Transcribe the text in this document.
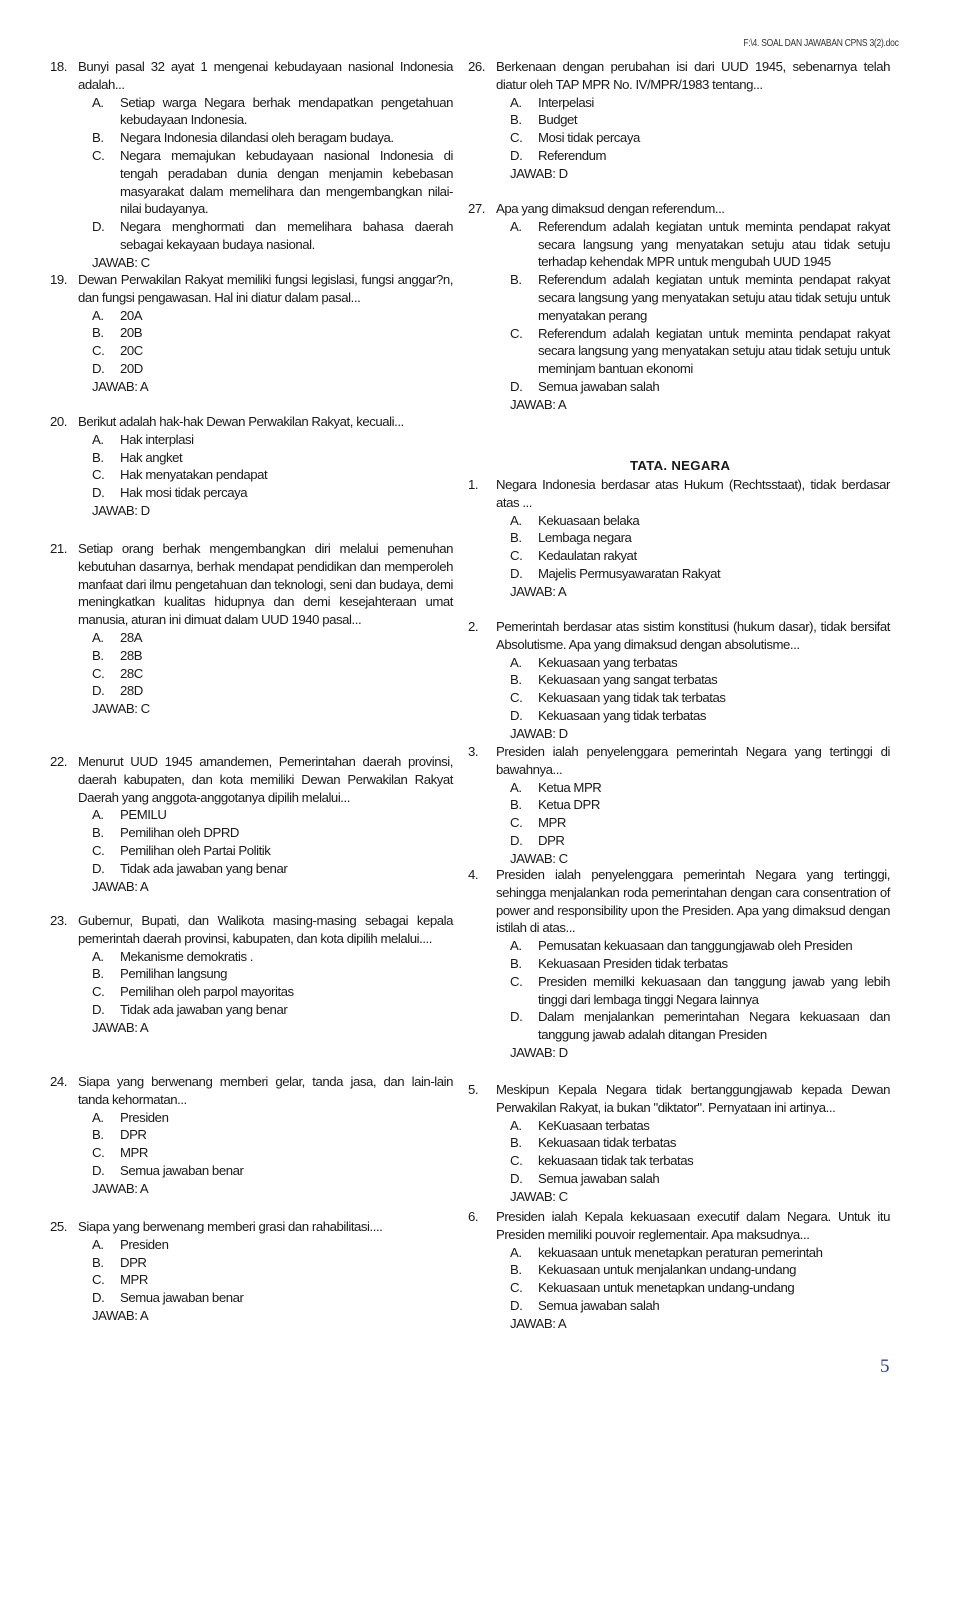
F:\4. SOAL DAN JAWABAN CPNS 3(2).doc
TATA. NEGARA
5
18. Bunyi pasal 32 ayat 1 mengenai kebudayaan nasional Indonesia adalah...
A.	Setiap warga Negara berhak mendapatkan pengetahuan kebudayaan Indonesia.
B.	Negara Indonesia dilandasi oleh beragam budaya.
C.	Negara memajukan kebudayaan nasional Indonesia di tengah peradaban dunia dengan menjamin kebebasan masyarakat dalam memelihara dan mengembangkan nilai-nilai budayanya.
D.	Negara menghormati dan memelihara bahasa daerah sebagai kekayaan budaya nasional.
JAWAB: C
19. Dewan Perwakilan Rakyat memiliki fungsi legislasi, fungsi anggar?n, dan fungsi pengawasan. Hal ini diatur dalam pasal...
A.	20A
B.	20B
C.	20C
D.	20D
JAWAB: A
20. Berikut adalah hak-hak Dewan Perwakilan Rakyat, kecuali...
A.	Hak interplasi
B.	Hak angket
C.	Hak menyatakan pendapat
D.	Hak mosi tidak percaya
JAWAB: D
21. Setiap orang berhak mengembangkan diri melalui pemenuhan kebutuhan dasarnya, berhak mendapat pendidikan dan memperoleh manfaat dari ilmu pengetahuan dan teknologi, seni dan budaya, demi meningkatkan kualitas hidupnya dan demi kesejahteraan umat manusia, aturan ini dimuat dalam UUD 1940 pasal...
A.	28A
B.	28B
C.	28C
D.	28D
JAWAB: C
22. Menurut UUD 1945 amandemen, Pemerintahan daerah provinsi, daerah kabupaten, dan kota memiliki Dewan Perwakilan Rakyat Daerah yang anggota-anggotanya dipilih melalui...
A.	PEMILU
B.	Pemilihan oleh DPRD
C.	Pemilihan oleh Partai Politik
D.	Tidak ada jawaban yang benar
JAWAB: A
23. Gubernur, Bupati, dan Walikota masing-masing sebagai kepala pemerintah daerah provinsi, kabupaten, dan kota dipilih melalui....
A.	Mekanisme demokratis .
B.	Pemilihan langsung
C.	Pemilihan oleh parpol mayoritas
D.	Tidak ada jawaban yang benar
JAWAB: A
24. Siapa yang berwenang memberi gelar, tanda jasa, dan lain-lain tanda kehormatan...
A.	Presiden
B.	DPR
C.	MPR
D.	Semua jawaban benar
JAWAB: A
25. Siapa yang berwenang memberi grasi dan rahabilitasi....
A.	Presiden
B.	DPR
C.	MPR
D.	Semua jawaban benar
JAWAB: A
26. Berkenaan dengan perubahan isi dari UUD 1945, sebenarnya telah diatur oleh TAP MPR No. IV/MPR/1983 tentang...
A.	Interpelasi
B.	Budget
C.	Mosi tidak percaya
D.	Referendum
JAWAB: D
27. Apa yang dimaksud dengan referendum...
A.	Referendum adalah kegiatan untuk meminta pendapat rakyat secara langsung yang menyatakan setuju atau tidak setuju terhadap kehendak MPR untuk mengubah UUD 1945
B.	Referendum adalah kegiatan untuk meminta pendapat rakyat secara langsung yang menyatakan setuju atau tidak setuju untuk menyatakan perang
C.	Referendum adalah kegiatan untuk meminta pendapat rakyat secara langsung yang menyatakan setuju atau tidak setuju untuk meminjam bantuan ekonomi
D.	Semua jawaban salah
JAWAB: A
1.	Negara Indonesia berdasar atas Hukum (Rechtsstaat), tidak berdasar atas ...
A.	Kekuasaan belaka
B.	Lembaga negara
C.	Kedaulatan rakyat
D.	Majelis Permusyawaratan Rakyat
JAWAB: A
2.	Pemerintah berdasar atas sistim konstitusi (hukum dasar), tidak bersifat Absolutisme. Apa yang dimaksud dengan absolutisme...
A.	Kekuasaan yang terbatas
B.	Kekuasaan yang sangat terbatas
C.	Kekuasaan yang tidak tak terbatas
D.	Kekuasaan yang tidak terbatas
JAWAB: D
3.	Presiden ialah penyelenggara pemerintah Negara yang tertinggi di bawahnya...
A.	Ketua MPR
B.	Ketua DPR
C.	MPR
D.	DPR
JAWAB: C
4.	Presiden ialah penyelenggara pemerintah Negara yang tertinggi, sehingga menjalankan roda pemerintahan dengan cara consentration of power and responsibility upon the Presiden. Apa yang dimaksud dengan istilah di atas...
A.	Pemusatan kekuasaan dan tanggungjawab oleh Presiden
B.	Kekuasaan Presiden tidak terbatas
C.	Presiden memilki kekuasaan dan tanggung jawab yang lebih tinggi dari lembaga tinggi Negara lainnya
D.	Dalam menjalankan pemerintahan Negara kekuasaan dan tanggung jawab adalah ditangan Presiden
JAWAB: D
5.	Meskipun Kepala Negara tidak bertanggungjawab kepada Dewan Perwakilan Rakyat, ia bukan "diktator". Pernyataan ini artinya...
A.	KeKuasaan terbatas
B.	Kekuasaan tidak terbatas
C.	kekuasaan tidak tak terbatas
D.	Semua jawaban salah
JAWAB: C
6.	Presiden ialah Kepala kekuasaan executif dalam Negara. Untuk itu Presiden memiliki pouvoir reglementair. Apa maksudnya...
A.	kekuasaan untuk menetapkan peraturan pemerintah
B.	Kekuasaan untuk menjalankan undang-undang
C.	Kekuasaan untuk menetapkan undang-undang
D.	Semua jawaban salah
JAWAB: A
